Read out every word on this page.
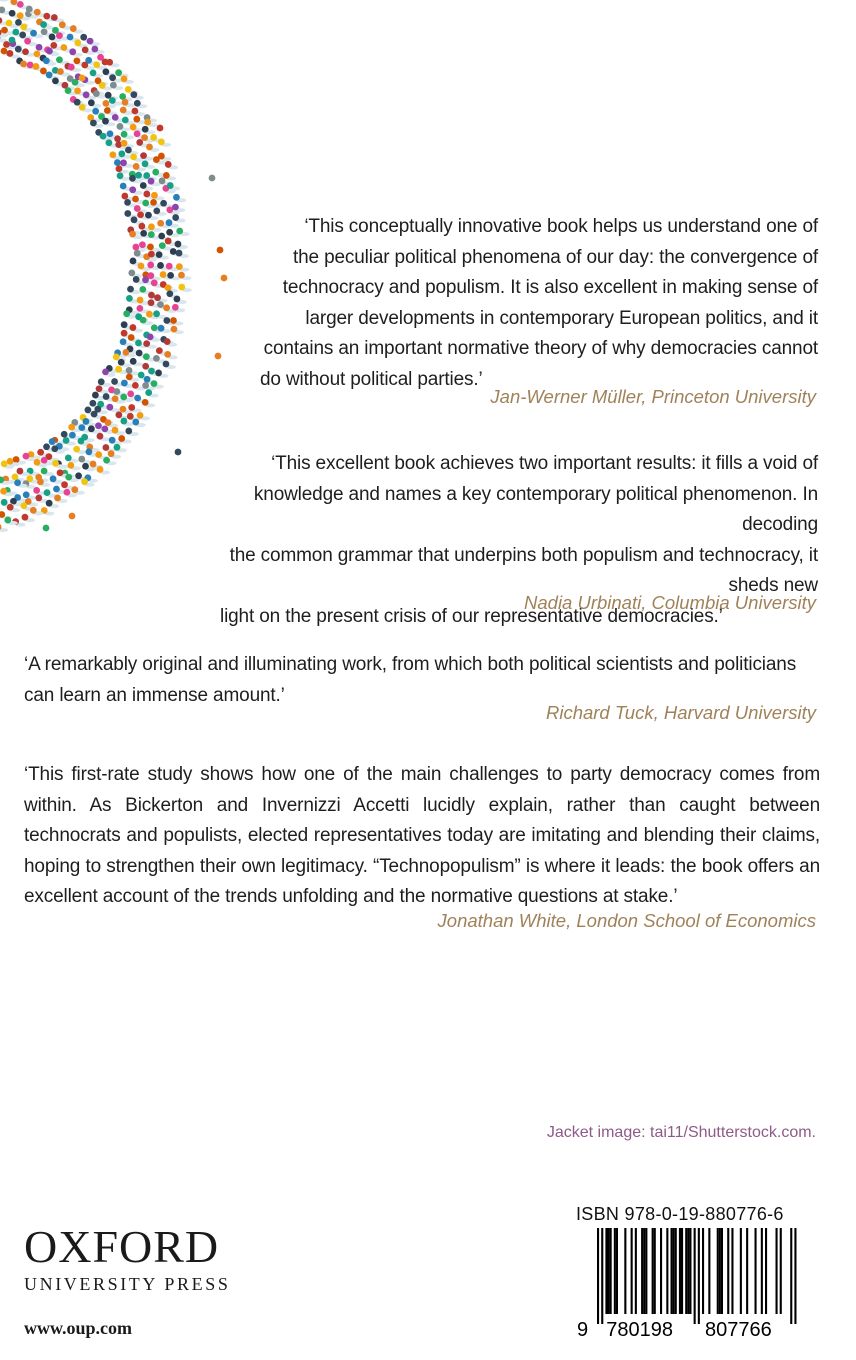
‘This conceptually innovative book helps us understand one of
the peculiar political phenomena of our day: the convergence of
technocracy and populism. It is also excellent in making sense of
larger developments in contemporary European politics, and it
contains an important normative theory of why democracies cannot
do without political parties.’
Jan-Werner Müller, Princeton University
‘This excellent book achieves two important results: it fills a void of
knowledge and names a key contemporary political phenomenon. In decoding
the common grammar that underpins both populism and technocracy, it sheds new
light on the present crisis of our representative democracies.’
Nadia Urbinati, Columbia University

‘A remarkably original and illuminating work, from which both political scientists and politicians can learn an immense amount.’

Richard Tuck, Harvard University

‘This first-rate study shows how one of the main challenges to party democracy comes from within. As Bickerton and Invernizzi Accetti lucidly explain, rather than caught between technocrats and populists, elected representatives today are imitating and blending their claims, hoping to strengthen their own legitimacy. “Technopopulism” is where it leads: the book offers an excellent account of the trends unfolding and the normative questions at stake.’

Jonathan White, London School of Economics
Jacket image: tai11/Shutterstock.com.
OXFORD
UNIVERSITY PRESS
www.oup.com
ISBN 978-0-19-880776-6
9 780198 807766
